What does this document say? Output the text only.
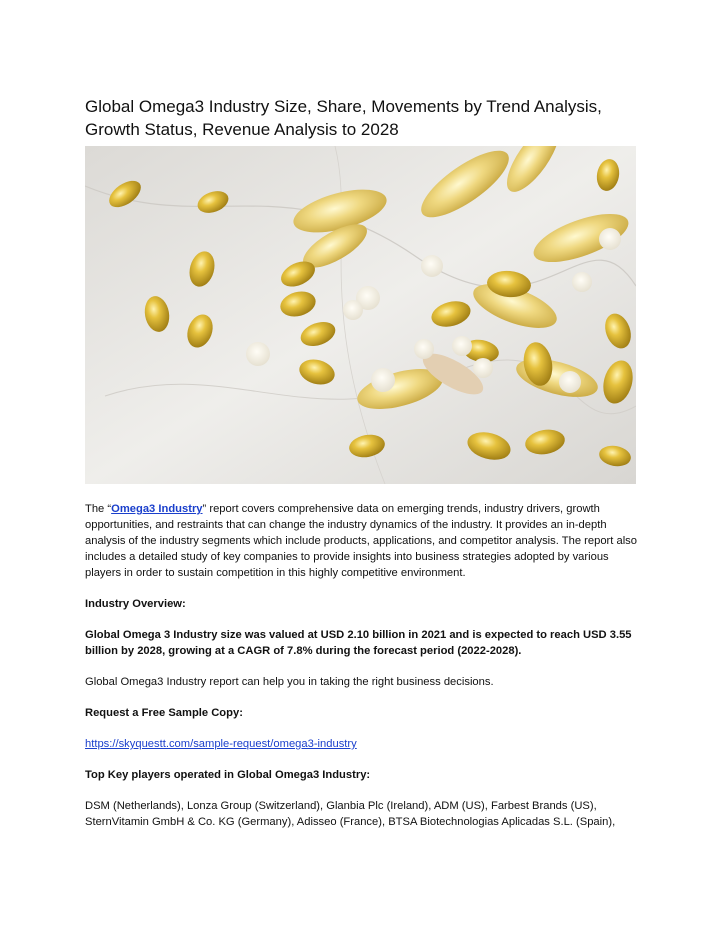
Global Omega3 Industry Size, Share, Movements by Trend Analysis,
Growth Status, Revenue Analysis to 2028

The “Omega3 Industry” report covers comprehensive data on emerging trends, industry drivers, growth opportunities, and restraints that can change the industry dynamics of the industry. It provides an in-depth analysis of the industry segments which include products, applications, and competitor analysis. The report also includes a detailed study of key companies to provide insights into business strategies adopted by various players in order to sustain competition in this highly competitive environment.

Industry Overview:

Global Omega 3 Industry size was valued at USD 2.10 billion in 2021 and is expected to reach USD 3.55 billion by 2028, growing at a CAGR of 7.8% during the forecast period (2022-2028).

Global Omega3 Industry report can help you in taking the right business decisions.

Request a Free Sample Copy:

https://skyquestt.com/sample-request/omega3-industry

Top Key players operated in Global Omega3 Industry:

DSM (Netherlands), Lonza Group (Switzerland), Glanbia Plc (Ireland), ADM (US), Farbest Brands (US),
SternVitamin GmbH & Co. KG (Germany), Adisseo (France), BTSA Biotechnologias Aplicadas S.L. (Spain),
